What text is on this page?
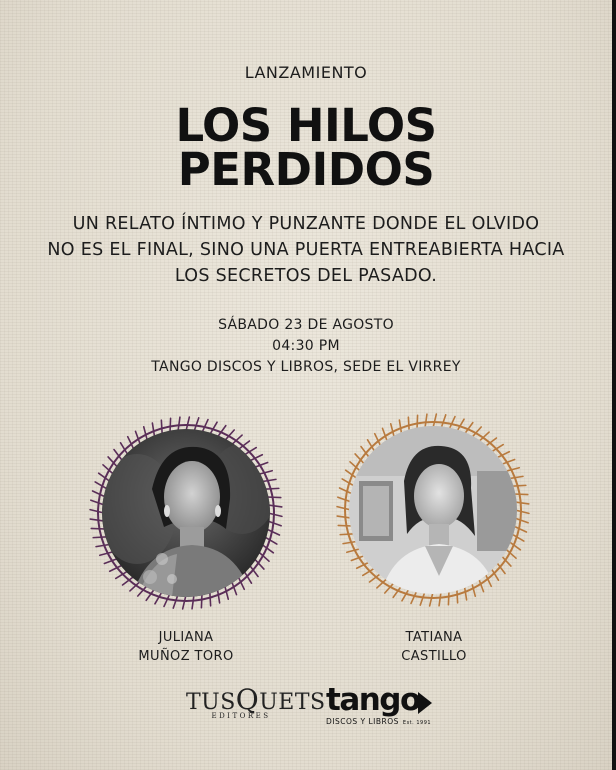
LANZAMIENTO
LOS HILOS
PERDIDOS
UN RELATO ÍNTIMO Y PUNZANTE DONDE EL OLVIDO
NO ES EL FINAL, SINO UNA PUERTA ENTREABIERTA HACIA
LOS SECRETOS DEL PASADO.
SÁBADO 23 DE AGOSTO
04:30 PM
TANGO DISCOS Y LIBROS, SEDE EL VIRREY
JULIANA
MUÑOZ TORO
TATIANA
CASTILLO
TUSQUETS
EDITORES	tango
DISCOS Y LIBROS Est. 1991
